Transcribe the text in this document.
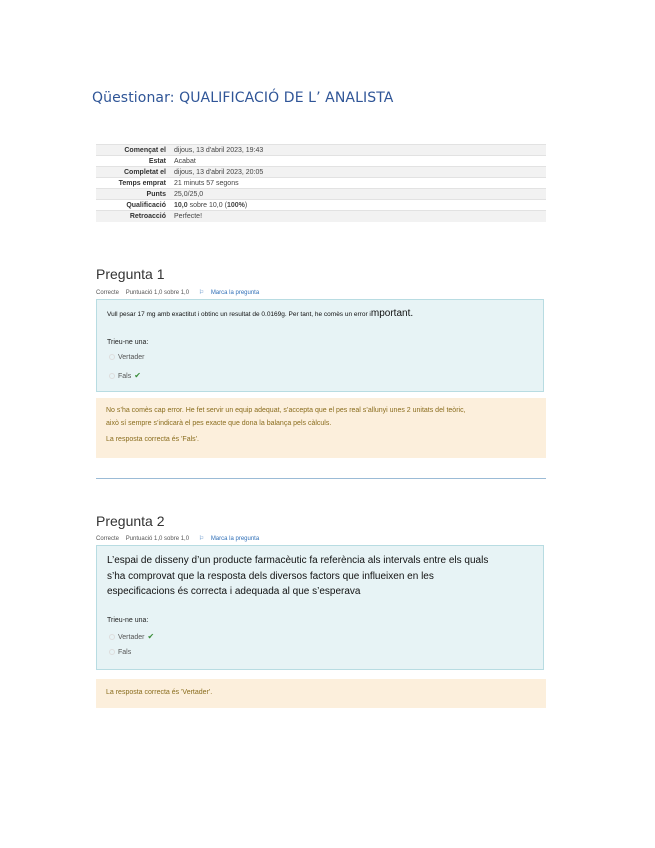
Qüestionar: QUALIFICACIÓ DE L’ ANALISTA
Començat el	dijous, 13 d'abril 2023, 19:43
Estat	Acabat
Completat el	dijous, 13 d'abril 2023, 20:05
Temps emprat	21 minuts 57 segons
Punts	25,0/25,0
Qualificació	10,0 sobre 10,0 (100%)
Retroacció	Perfecte!
Pregunta 1
Correcte Puntuació 1,0 sobre 1,0 ⚐ Marca la pregunta
Vull pesar 17 mg amb exactitut i obtinc un resultat de 0.0169g. Per tant, he comès un error important.
Trieu-ne una:
Vertader
Fals ✔
No s’ha comès cap error. He fet servir un equip adequat, s’accepta que el pes real s’allunyi unes 2 unitats del teòric,
això sí sempre s’indicarà el pes exacte que dona la balança pels càlculs.
La resposta correcta és 'Fals'.
Pregunta 2
Correcte Puntuació 1,0 sobre 1,0 ⚐ Marca la pregunta
L’espai de disseny d’un producte farmacèutic fa referència als intervals entre els quals
s’ha comprovat que la resposta dels diversos factors que influeixen en les
especificacions és correcta i adequada al que s’esperava
Trieu-ne una:
Vertader ✔
Fals
La resposta correcta és 'Vertader'.
